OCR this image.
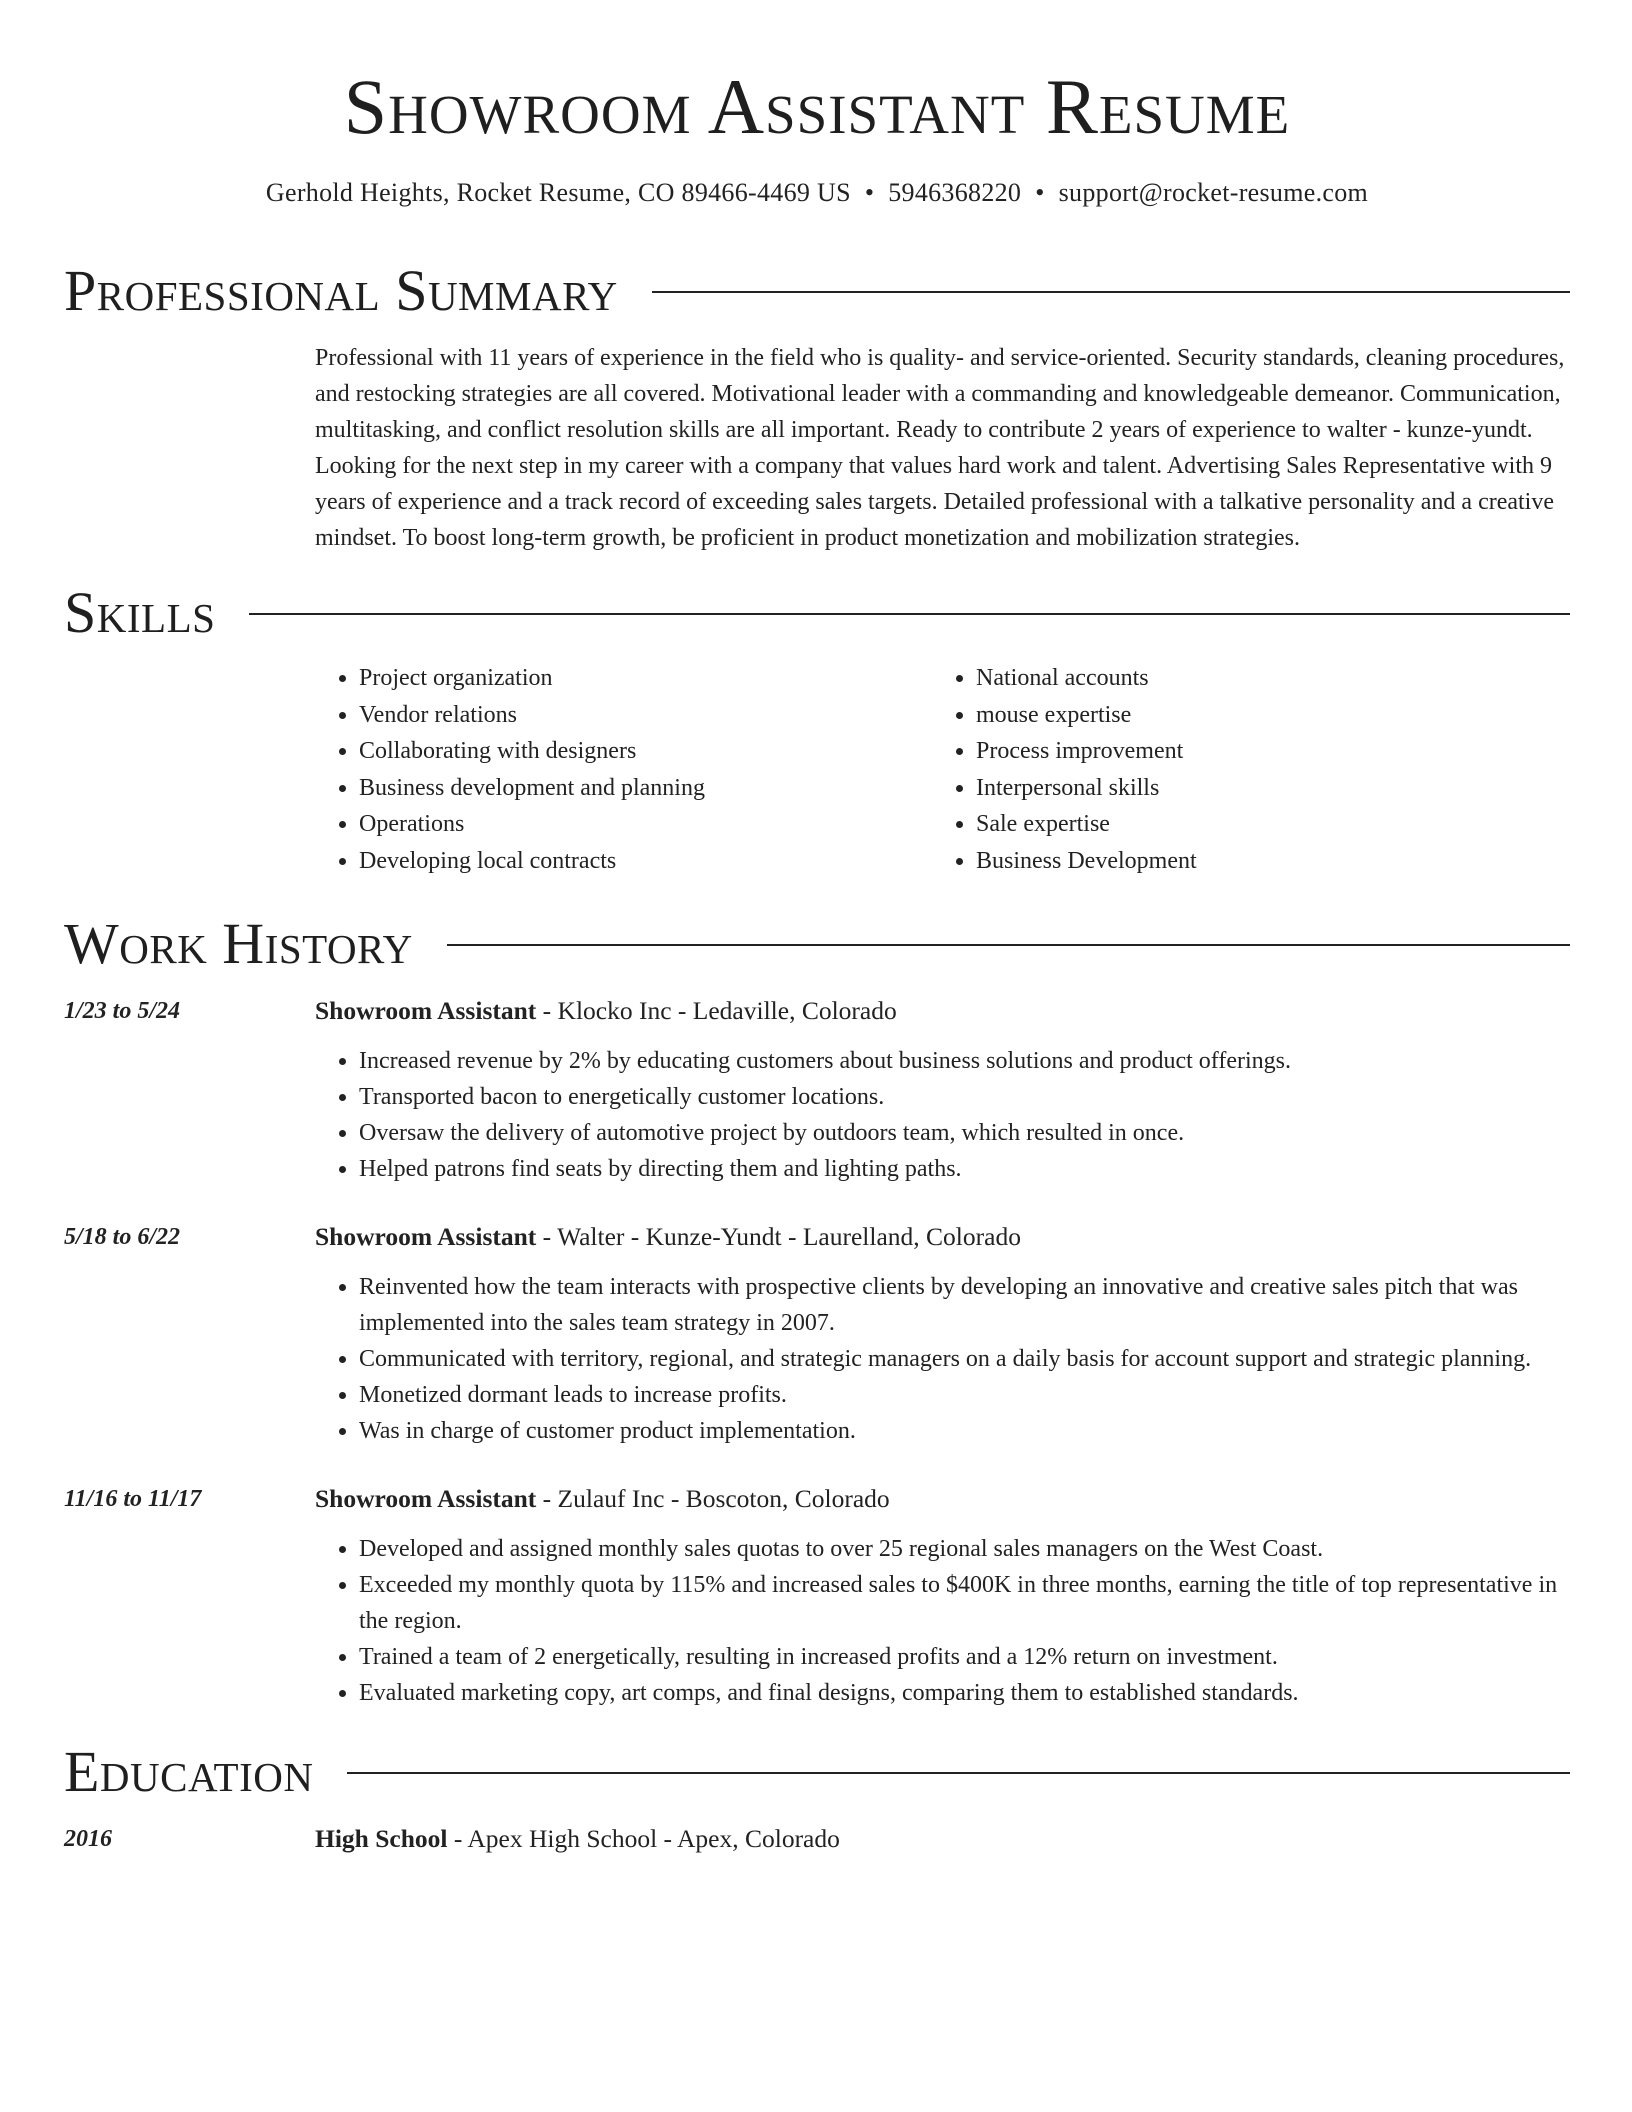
Showroom Assistant Resume
Gerhold Heights, Rocket Resume, CO 89466-4469 US • 5946368220 • support@rocket-resume.com
Professional Summary
Professional with 11 years of experience in the field who is quality- and service-oriented. Security standards, cleaning procedures, and restocking strategies are all covered. Motivational leader with a commanding and knowledgeable demeanor. Communication, multitasking, and conflict resolution skills are all important. Ready to contribute 2 years of experience to walter - kunze-yundt. Looking for the next step in my career with a company that values hard work and talent. Advertising Sales Representative with 9 years of experience and a track record of exceeding sales targets. Detailed professional with a talkative personality and a creative mindset. To boost long-term growth, be proficient in product monetization and mobilization strategies.
Skills
• Project organization
• Vendor relations
• Collaborating with designers
• Business development and planning
• Operations
• Developing local contracts
• National accounts
• mouse expertise
• Process improvement
• Interpersonal skills
• Sale expertise
• Business Development
Work History
1/23 to 5/24	Showroom Assistant - Klocko Inc - Ledaville, Colorado
• Increased revenue by 2% by educating customers about business solutions and product offerings.
• Transported bacon to energetically customer locations.
• Oversaw the delivery of automotive project by outdoors team, which resulted in once.
• Helped patrons find seats by directing them and lighting paths.
5/18 to 6/22	Showroom Assistant - Walter - Kunze-Yundt - Laurelland, Colorado
• Reinvented how the team interacts with prospective clients by developing an innovative and creative sales pitch that was implemented into the sales team strategy in 2007.
• Communicated with territory, regional, and strategic managers on a daily basis for account support and strategic planning.
• Monetized dormant leads to increase profits.
• Was in charge of customer product implementation.
11/16 to 11/17	Showroom Assistant - Zulauf Inc - Boscoton, Colorado
• Developed and assigned monthly sales quotas to over 25 regional sales managers on the West Coast.
• Exceeded my monthly quota by 115% and increased sales to $400K in three months, earning the title of top representative in the region.
• Trained a team of 2 energetically, resulting in increased profits and a 12% return on investment.
• Evaluated marketing copy, art comps, and final designs, comparing them to established standards.
Education
2016	High School - Apex High School - Apex, Colorado
